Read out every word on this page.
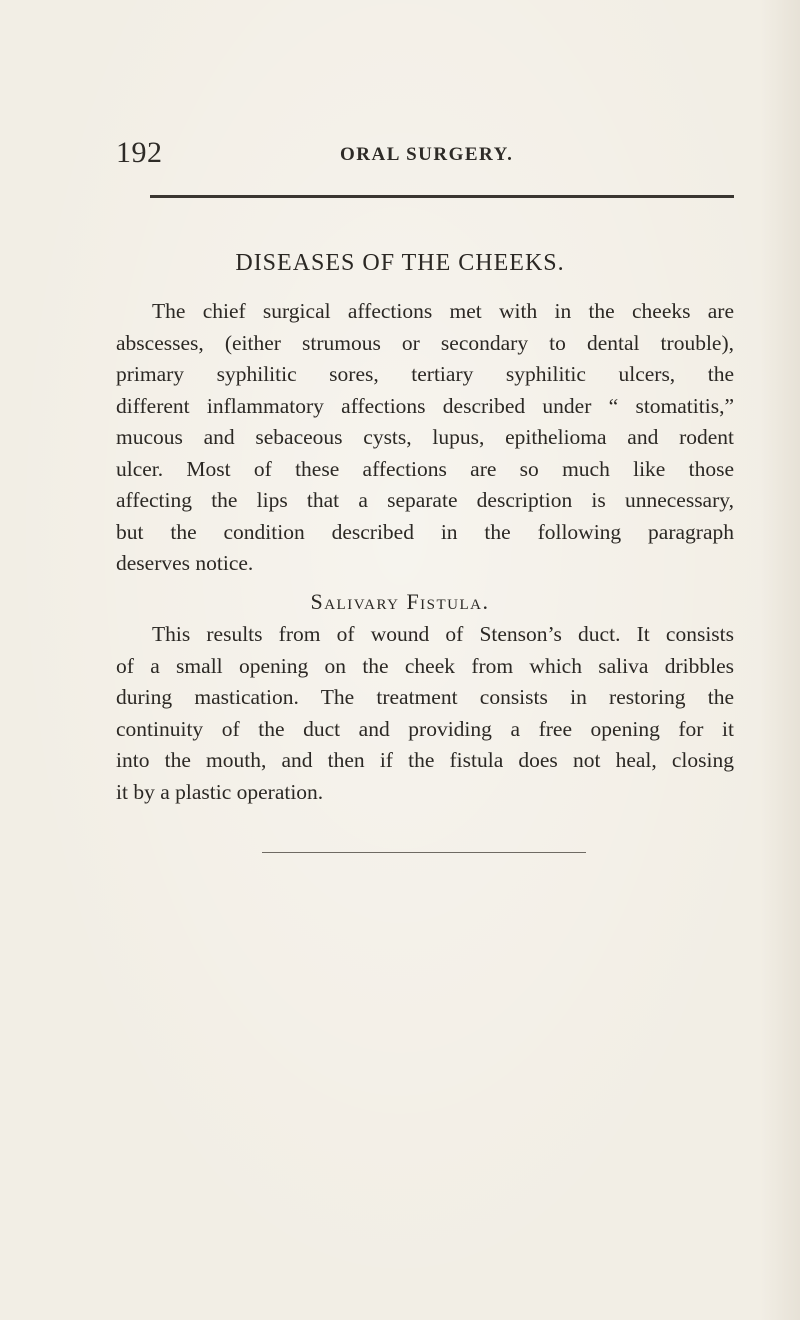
192	ORAL SURGERY.
DISEASES OF THE CHEEKS.
The chief surgical affections met with in the cheeks are
abscesses, (either strumous or secondary to dental trouble),
primary syphilitic sores, tertiary syphilitic ulcers, the
different inflammatory affections described under “ stomatitis,”
mucous and sebaceous cysts, lupus, epithelioma and rodent
ulcer. Most of these affections are so much like those
affecting the lips that a separate description is unnecessary,
but the condition described in the following paragraph
deserves notice.
Salivary Fistula.
This results from of wound of Stenson’s duct. It consists
of a small opening on the cheek from which saliva dribbles
during mastication. The treatment consists in restoring the
continuity of the duct and providing a free opening for it
into the mouth, and then if the fistula does not heal, closing
it by a plastic operation.
